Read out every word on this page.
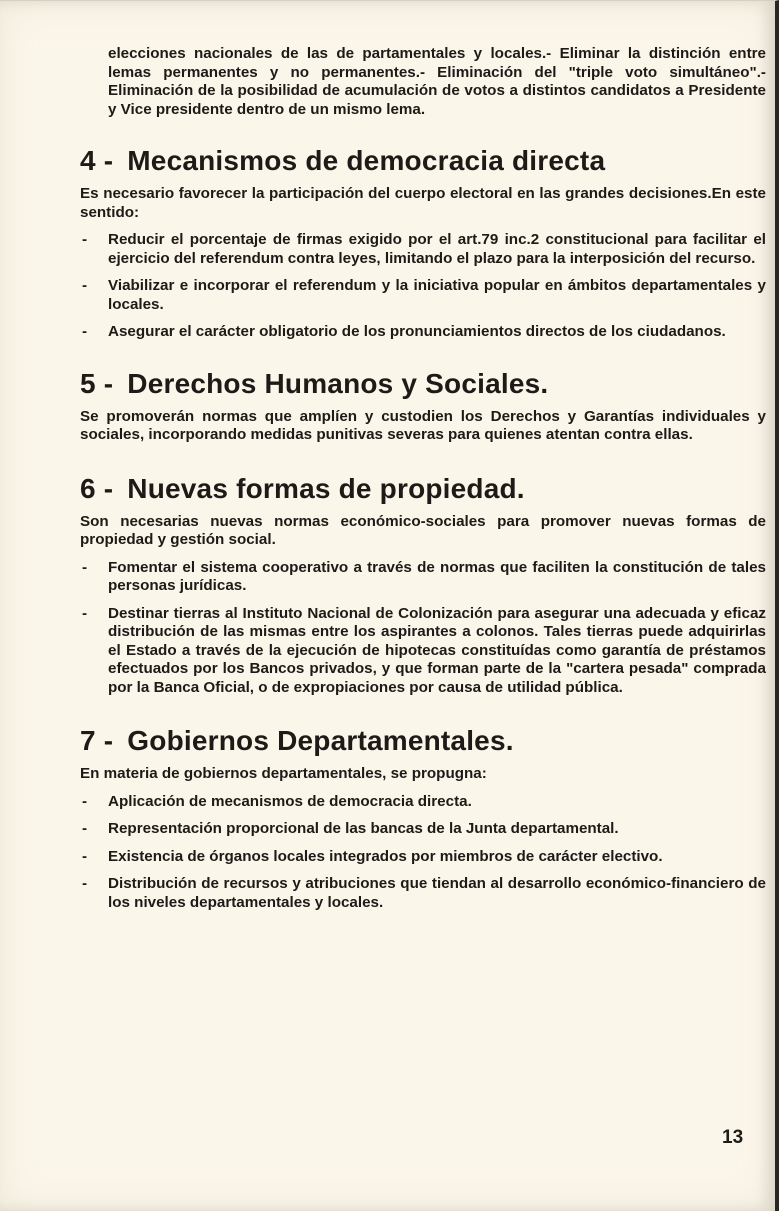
elecciones nacionales de las de partamentales y locales.- Eliminar la distinción entre lemas permanentes y no permanentes.- Eliminación del "triple voto simultáneo".- Eliminación de la posibilidad de acumulación de votos a distintos candidatos a Presidente y Vice presidente dentro de un mismo lema.

4 - Mecanismos de democracia directa

Es necesario favorecer la participación del cuerpo electoral en las grandes decisiones.En este sentido:

-	Reducir el porcentaje de firmas exigido por el art.79 inc.2 constitucional para facilitar el ejercicio del referendum contra leyes, limitando el plazo para la interposición del recurso.
-	Viabilizar e incorporar el referendum y la iniciativa popular en ámbitos departamentales y locales.
-	Asegurar el carácter obligatorio de los pronunciamientos directos de los ciudadanos.
5 - Derechos Humanos y Sociales.

Se promoverán normas que amplíen y custodien los Derechos y Garantías individuales y sociales, incorporando medidas punitivas severas para quienes atentan contra ellas.

6 - Nuevas formas de propiedad.

Son necesarias nuevas normas económico-sociales para promover nuevas formas de propiedad y gestión social.

-	Fomentar el sistema cooperativo a través de normas que faciliten la constitución de tales personas jurídicas.
-	Destinar tierras al Instituto Nacional de Colonización para asegurar una adecuada y eficaz distribución de las mismas entre los aspirantes a colonos. Tales tierras puede adquirirlas el Estado a través de la ejecución de hipotecas constituídas como garantía de préstamos efectuados por los Bancos privados, y que forman parte de la "cartera pesada" comprada por la Banca Oficial, o de expropiaciones por causa de utilidad pública.
7 - Gobiernos Departamentales.

En materia de gobiernos departamentales, se propugna:

-	Aplicación de mecanismos de democracia directa.
-	Representación proporcional de las bancas de la Junta departamental.
-	Existencia de órganos locales integrados por miembros de carácter electivo.
-	Distribución de recursos y atribuciones que tiendan al desarrollo económico-financiero de los niveles departamentales y locales.
13
